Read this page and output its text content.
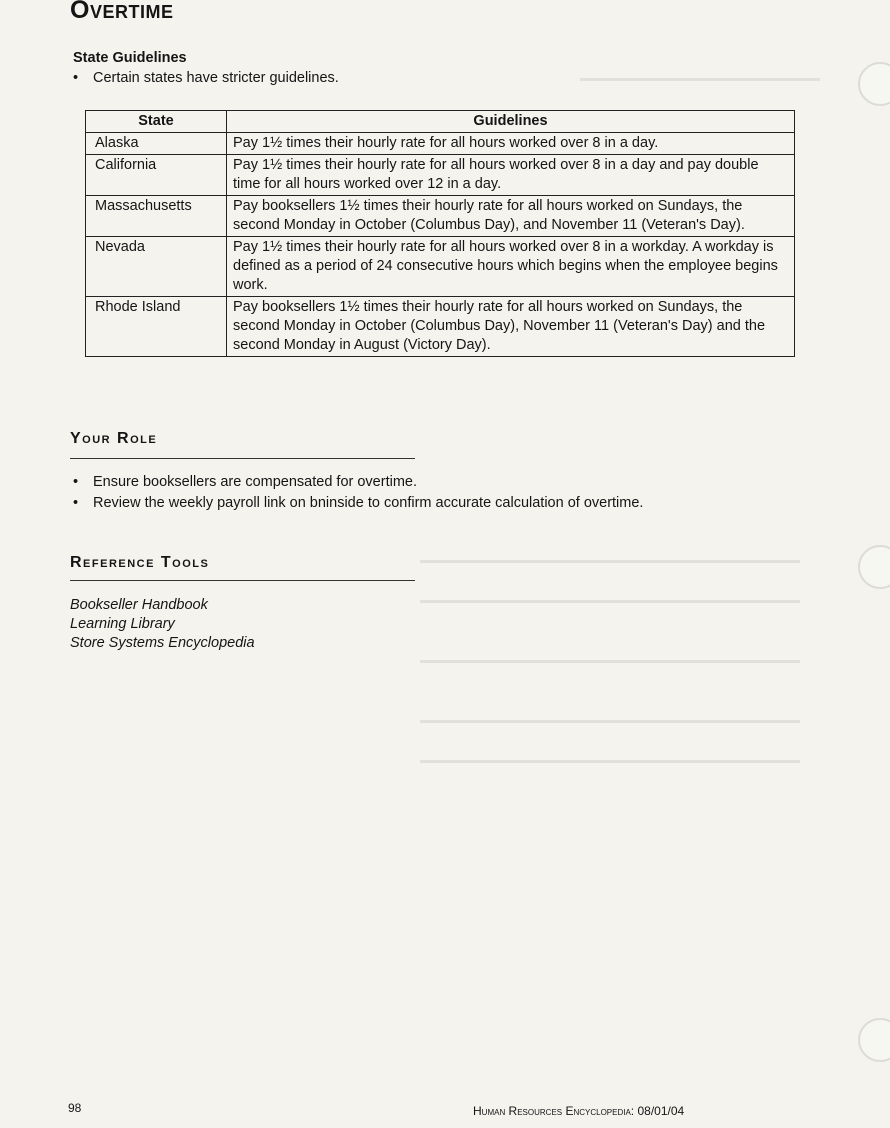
Overtime
State Guidelines

• Certain states have stricter guidelines.

State	Guidelines
Alaska	Pay 1½ times their hourly rate for all hours worked over 8 in a day.
California	Pay 1½ times their hourly rate for all hours worked over 8 in a day and pay double time for all hours worked over 12 in a day.
Massachusetts	Pay booksellers 1½ times their hourly rate for all hours worked on Sundays, the second Monday in October (Columbus Day), and November 11 (Veteran's Day).
Nevada	Pay 1½ times their hourly rate for all hours worked over 8 in a workday. A workday is defined as a period of 24 consecutive hours which begins when the employee begins work.
Rhode Island	Pay booksellers 1½ times their hourly rate for all hours worked on Sundays, the second Monday in October (Columbus Day), November 11 (Veteran's Day) and the second Monday in August (Victory Day).
Your Role
• Ensure booksellers are compensated for overtime.
• Review the weekly payroll link on bninside to confirm accurate calculation of overtime.
Reference Tools
Bookseller Handbook
Learning Library
Store Systems Encyclopedia

98	Human Resources Encyclopedia: 08/01/04
